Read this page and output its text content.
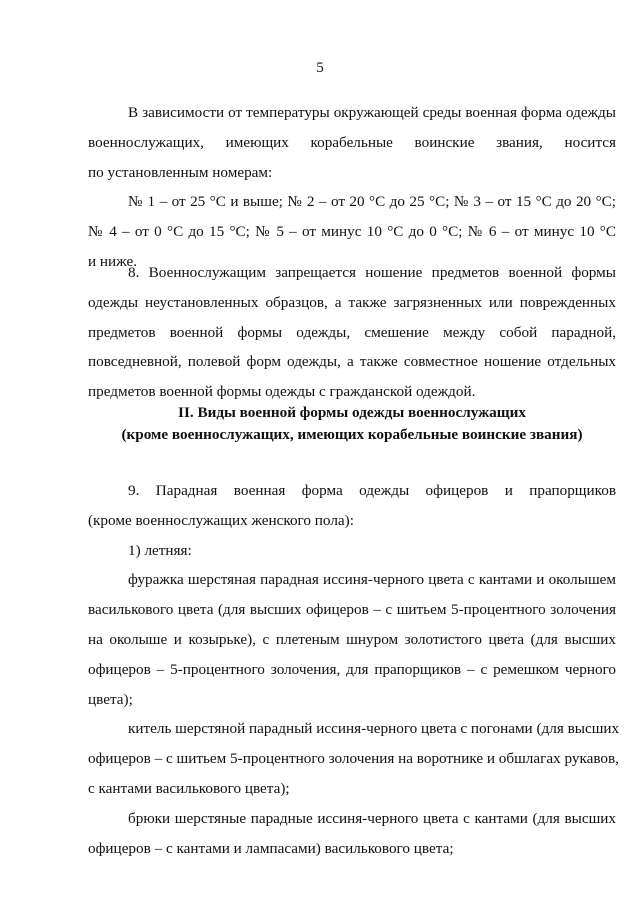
5
В зависимости от температуры окружающей среды военная форма одежды
военнослужащих, имеющих корабельные воинские звания, носится
по установленным номерам:
№ 1 – от 25 °С и выше; № 2 – от 20 °С до 25 °С; № 3 – от 15 °С до 20 °С;
№ 4 – от 0 °С до 15 °С; № 5 – от минус 10 °С до 0 °С; № 6 – от минус 10 °С
и ниже.
8. Военнослужащим запрещается ношение предметов военной формы
одежды неустановленных образцов, а также загрязненных или поврежденных
предметов военной формы одежды, смешение между собой парадной,
повседневной, полевой форм одежды, а также совместное ношение отдельных
предметов военной формы одежды с гражданской одеждой.
II. Виды военной формы одежды военнослужащих
(кроме военнослужащих, имеющих корабельные воинские звания)
9. Парадная военная форма одежды офицеров и прапорщиков
(кроме военнослужащих женского пола):
1) летняя:
фуражка шерстяная парадная иссиня-черного цвета с кантами и околышем
василькового цвета (для высших офицеров – с шитьем 5-процентного золочения
на околыше и козырьке), с плетеным шнуром золотистого цвета (для высших
офицеров – 5-процентного золочения, для прапорщиков – с ремешком черного
цвета);
китель шерстяной парадный иссиня-черного цвета с погонами (для высших
офицеров – с шитьем 5-процентного золочения на воротнике и обшлагах рукавов,
с кантами василькового цвета);
брюки шерстяные парадные иссиня-черного цвета с кантами (для высших
офицеров – с кантами и лампасами) василькового цвета;
